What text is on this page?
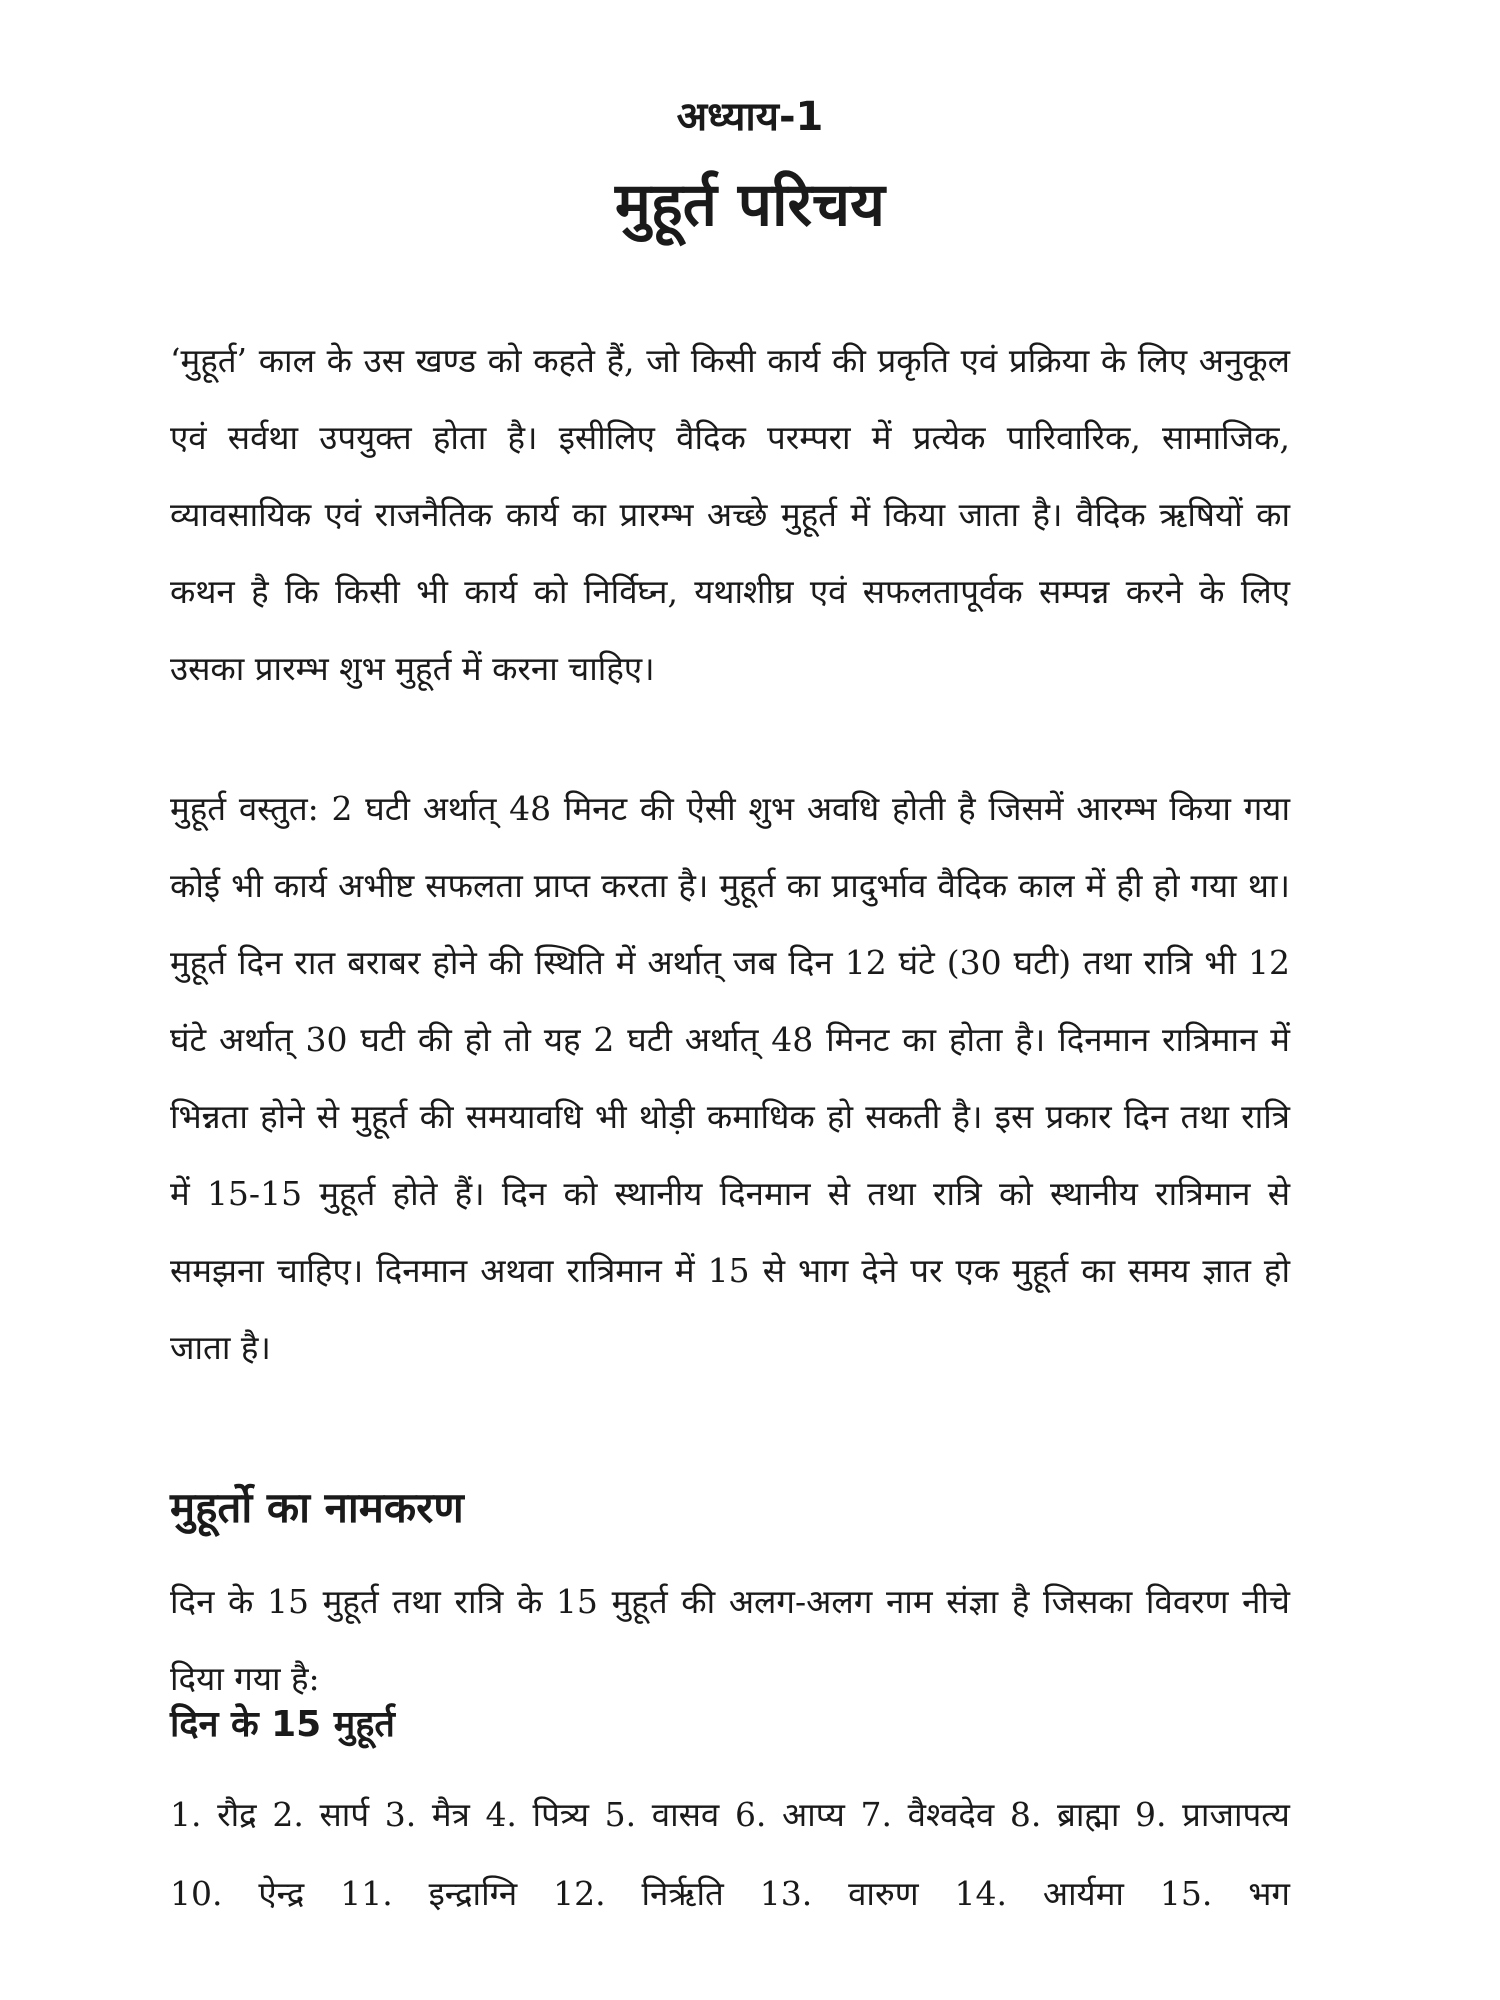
अध्याय-1
मुहूर्त परिचय

‘मुहूर्त’ काल के उस खण्ड को कहते हैं, जो किसी कार्य की प्रकृति एवं प्रक्रिया के लिए अनुकूल एवं सर्वथा उपयुक्त होता है। इसीलिए वैदिक परम्परा में प्रत्येक पारिवारिक, सामाजिक, व्यावसायिक एवं राजनैतिक कार्य का प्रारम्भ अच्छे मुहूर्त में किया जाता है। वैदिक ऋषियों का कथन है कि किसी भी कार्य को निर्विघ्न, यथाशीघ्र एवं सफलतापूर्वक सम्पन्न करने के लिए उसका प्रारम्भ शुभ मुहूर्त में करना चाहिए।

मुहूर्त वस्तुत: 2 घटी अर्थात् 48 मिनट की ऐसी शुभ अवधि होती है जिसमें आरम्भ किया गया कोई भी कार्य अभीष्ट सफलता प्राप्त करता है। मुहूर्त का प्रादुर्भाव वैदिक काल में ही हो गया था। मुहूर्त दिन रात बराबर होने की स्थिति में अर्थात् जब दिन 12 घंटे (30 घटी) तथा रात्रि भी 12 घंटे अर्थात् 30 घटी की हो तो यह 2 घटी अर्थात् 48 मिनट का होता है। दिनमान रात्रिमान में भिन्नता होने से मुहूर्त की समयावधि भी थोड़ी कमाधिक हो सकती है। इस प्रकार दिन तथा रात्रि में 15-15 मुहूर्त होते हैं। दिन को स्थानीय दिनमान से तथा रात्रि को स्थानीय रात्रिमान से समझना चाहिए। दिनमान अथवा रात्रिमान में 15 से भाग देने पर एक मुहूर्त का समय ज्ञात हो जाता है।

मुहूर्तो का नामकरण

दिन के 15 मुहूर्त तथा रात्रि के 15 मुहूर्त की अलग-अलग नाम संज्ञा है जिसका विवरण नीचे दिया गया है:

दिन के 15 मुहूर्त

1. रौद्र 2. सार्प 3. मैत्र 4. पित्र्य 5. वासव 6. आप्य 7. वैश्वदेव 8. ब्राह्मा 9. प्राजापत्य 10. ऐन्द्र 11. इन्द्राग्नि 12. निर्ऋति 13. वारुण 14. आर्यमा 15. भग
